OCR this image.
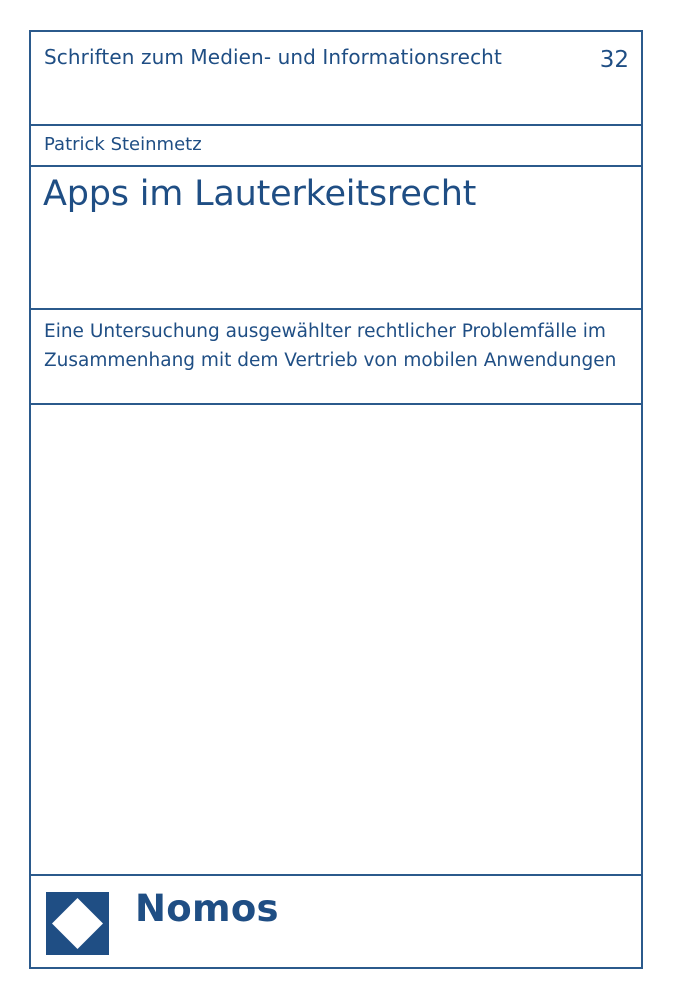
Schriften zum Medien- und Informationsrecht	32
Patrick Steinmetz
Apps im Lauterkeitsrecht
Eine Untersuchung ausgewählter rechtlicher Problemfälle im
Zusammenhang mit dem Vertrieb von mobilen Anwendungen
Nomos
